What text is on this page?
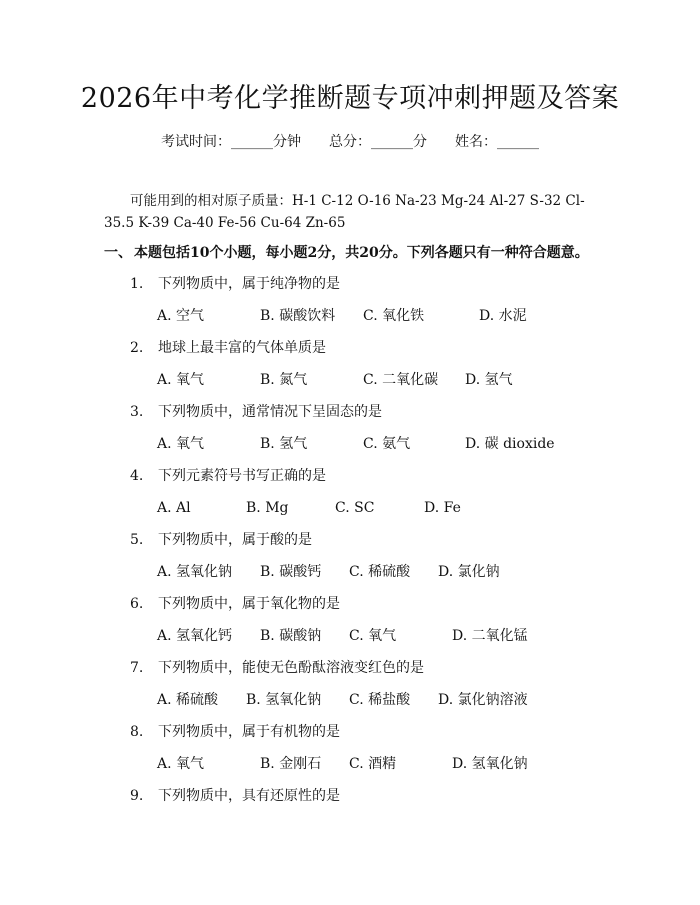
2026年中考化学推断题专项冲刺押题及答案
考试时间：______分钟 总分：______分 姓名：______
可能用到的相对原子质量：H-1 C-12 O-16 Na-23 Mg-24 Al-27 S-32 Cl-35.5 K-39 Ca-40 Fe-56 Cu-64 Zn-65
一、 本题包括10个小题，每小题2分，共20分。下列各题只有一种符合题意。
1. 下列物质中，属于纯净物的是
A. 空气	B. 碳酸饮料 C. 氧化铁	D. 水泥
2. 地球上最丰富的气体单质是
A. 氧气	B. 氮气	C. 二氧化碳 D. 氢气
3. 下列物质中，通常情况下呈固态的是
A. 氧气	B. 氢气	C. 氨气	D. 碳 dioxide
4. 下列元素符号书写正确的是
A. Al	B. Mg	C. SC	D. Fe
5. 下列物质中，属于酸的是
A. 氢氧化钠 B. 碳酸钙 C. 稀硫酸 D. 氯化钠
6. 下列物质中，属于氧化物的是
A. 氢氧化钙 B. 碳酸钠 C. 氧气	D. 二氧化锰
7. 下列物质中，能使无色酚酞溶液变红色的是
A. 稀硫酸 B. 氢氧化钠 C. 稀盐酸 D. 氯化钠溶液
8. 下列物质中，属于有机物的是
A. 氧气	B. 金刚石 C. 酒精	D. 氢氧化钠
9. 下列物质中，具有还原性的是
